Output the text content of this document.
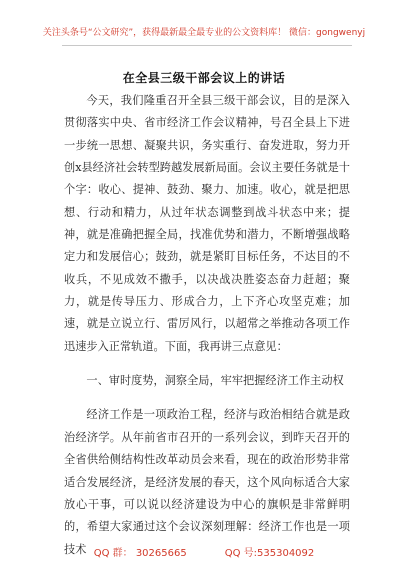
关注头条号“公文研究”，获得最新最全最专业的公文资料库！ 微信：gongwenyj
在全县三级干部会议上的讲话

今天，我们隆重召开全县三级干部会议，目的是深入贯彻落实中央、省市经济工作会议精神，号召全县上下进一步统一思想、凝聚共识，务实重行、奋发进取，努力开创x县经济社会转型跨越发展新局面。会议主要任务就是十个字：收心、提神、鼓劲、聚力、加速。收心，就是把思想、行动和精力，从过年状态调整到战斗状态中来；提神，就是准确把握全局，找准优势和潜力，不断增强战略定力和发展信心；鼓劲，就是紧盯目标任务，不达目的不收兵，不见成效不撒手，以决战决胜姿态奋力赶超；聚力，就是传导压力、形成合力，上下齐心攻坚克难；加速，就是立说立行、雷厉风行，以超常之举推动各项工作迅速步入正常轨道。下面，我再讲三点意见：

一、审时度势，洞察全局，牢牢把握经济工作主动权

经济工作是一项政治工程，经济与政治相结合就是政治经济学。从年前省市召开的一系列会议，到昨天召开的全省供给侧结构性改革动员会来看，现在的政治形势非常适合发展经济，是经济发展的春天，这个风向标适合大家放心干事，可以说以经济建设为中心的旗帜是非常鲜明的，希望大家通过这个会议深刻理解：经济工作也是一项技术 QQ 群： 30265665	QQ 号:535304092
